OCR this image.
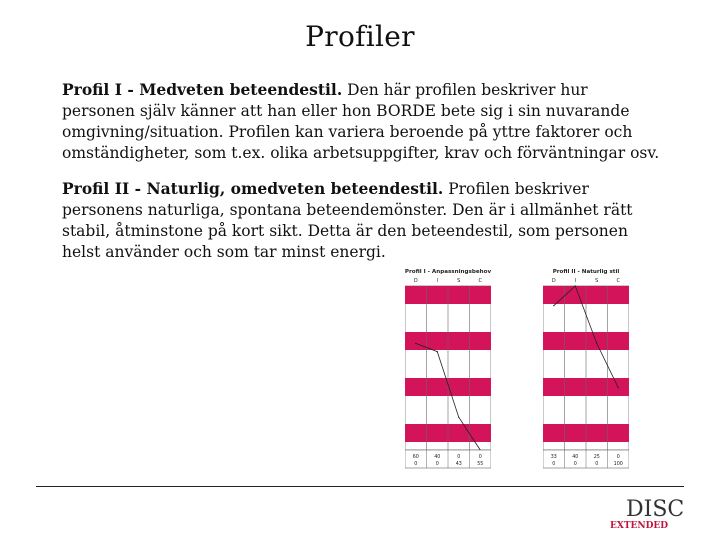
Profiler

Profil I - Medveten beteendestil. Den här profilen beskriver hur personen själv känner att han eller hon BORDE bete sig i sin nuvarande omgivning/situation. Profilen kan variera beroende på yttre faktorer och omständigheter, som t.ex. olika arbetsuppgifter, krav och förväntningar osv.

Profil II - Naturlig, omedveten beteendestil. Profilen beskriver personens naturliga, spontana beteendemönster. Den är i allmänhet rätt stabil, åtminstone på kort sikt. Detta är den beteendestil, som personen helst använder och som tar minst energi.

Profil I - Anpassningsbehov
D	I	S	C
60	40	0	0
0	0	43	55
Profil II - Naturlig stil
D	I	S	C
33	40	25	0
0	0	0	100
DISC
EXTENDED
